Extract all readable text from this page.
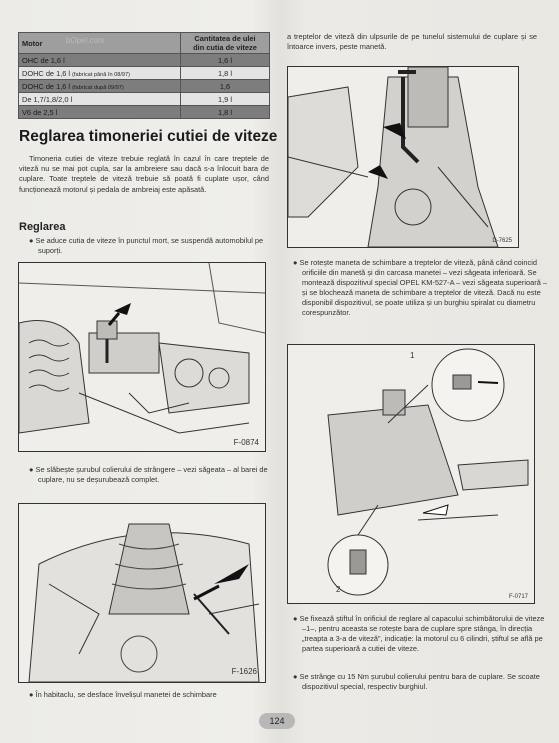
Motor	Cantitatea de ulei
din cutia de viteze
OHC de 1,6 l	1,6 l
DOHC de 1,6 l (fabricat până în 08/97)	1,8 l
DOHC de 1,6 l (fabricat după 09/97)	1,6
De 1,7/1,8/2,0 l	1,9 l
V6 de 2,5 l	1,8 l
bOpel.com
Reglarea timoneriei cutiei de viteze

Timoneria cutiei de viteze trebuie reglată în cazul în care treptele de viteză nu se mai pot cupla, sar la ambreiere sau dacă s-a înlocuit bara de cuplare. Toate treptele de viteză trebuie să poată fi cuplate ușor, când funcționează motorul și pedala de ambreiaj este apăsată.

Reglarea

● Se aduce cutia de viteze în punctul mort, se suspendă automobilul pe suporți.

F-0874

● Se slăbește șurubul colierului de strângere – vezi săgeata – al barei de cuplare, nu se deșurubează complet.

F-1626

● În habitaclu, se desface învelișul manetei de schimbare

a treptelor de viteză din ulpsurile de pe tunelul sistemului de cuplare și se întoarce invers, peste manetă.

D-7625

● Se rotește maneta de schimbare a treptelor de viteză, până când coincid orificiile din manetă și din carcasa manetei – vezi săgeata inferioară. Se montează dispozitivul special OPEL KM-527-A – vezi săgeata superioară – și se blochează maneta de schimbare a treptelor de viteză. Dacă nu este disponibil dispozitivul, se poate utiliza și un burghiu spiralat cu diametru corespunzător.

1
2
F-0717

● Se fixează știftul în orificiul de reglare al capacului schimbătorului de viteze –1–, pentru aceasta se rotește bara de cuplare spre stânga, în direcția „treapta a 3-a de viteză”, indicație: la motorul cu 6 cilindri, știftul se află pe partea superioară a cutiei de viteze.

● Se strânge cu 15 Nm șurubul colierului pentru bara de cuplare. Se scoate dispozitivul special, respectiv burghiul.

124
